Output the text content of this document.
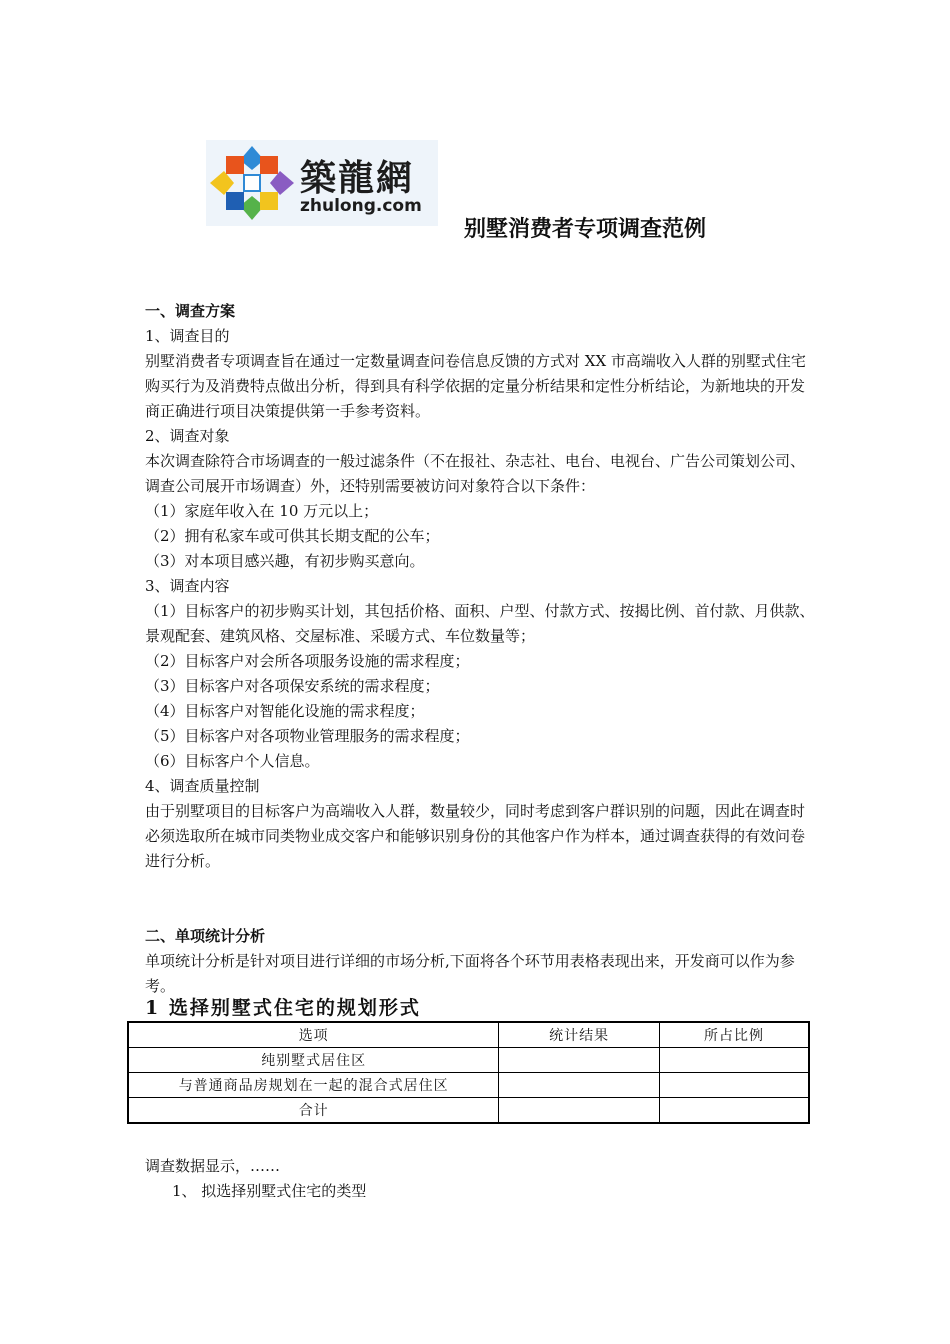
築龍網
zhulong.com
别墅消费者专项调查范例

一、调查方案

1、调查目的

别墅消费者专项调查旨在通过一定数量调查问卷信息反馈的方式对 XX 市高端收入人群的别墅式住宅购买行为及消费特点做出分析，得到具有科学依据的定量分析结果和定性分析结论，为新地块的开发商正确进行项目决策提供第一手参考资料。

2、调查对象

本次调查除符合市场调查的一般过滤条件（不在报社、杂志社、电台、电视台、广告公司策划公司、调查公司展开市场调查）外，还特别需要被访问对象符合以下条件：

（1）家庭年收入在 10 万元以上；

（2）拥有私家车或可供其长期支配的公车；

（3）对本项目感兴趣，有初步购买意向。

3、调查内容

（1）目标客户的初步购买计划，其包括价格、面积、户型、付款方式、按揭比例、首付款、月供款、景观配套、建筑风格、交屋标准、采暖方式、车位数量等；

（2）目标客户对会所各项服务设施的需求程度；

（3）目标客户对各项保安系统的需求程度；

（4）目标客户对智能化设施的需求程度；

（5）目标客户对各项物业管理服务的需求程度；

（6）目标客户个人信息。

4、调查质量控制

由于别墅项目的目标客户为高端收入人群，数量较少，同时考虑到客户群识别的问题，因此在调查时必须选取所在城市同类物业成交客户和能够识别身份的其他客户作为样本，通过调查获得的有效问卷进行分析。

二、单项统计分析

单项统计分析是针对项目进行详细的市场分析,下面将各个环节用表格表现出来，开发商可以作为参考。

1 选择别墅式住宅的规划形式

选项	统计结果	所占比例
纯别墅式居住区		
与普通商品房规划在一起的混合式居住区		
合计		

调查数据显示，……

1、 拟选择别墅式住宅的类型
